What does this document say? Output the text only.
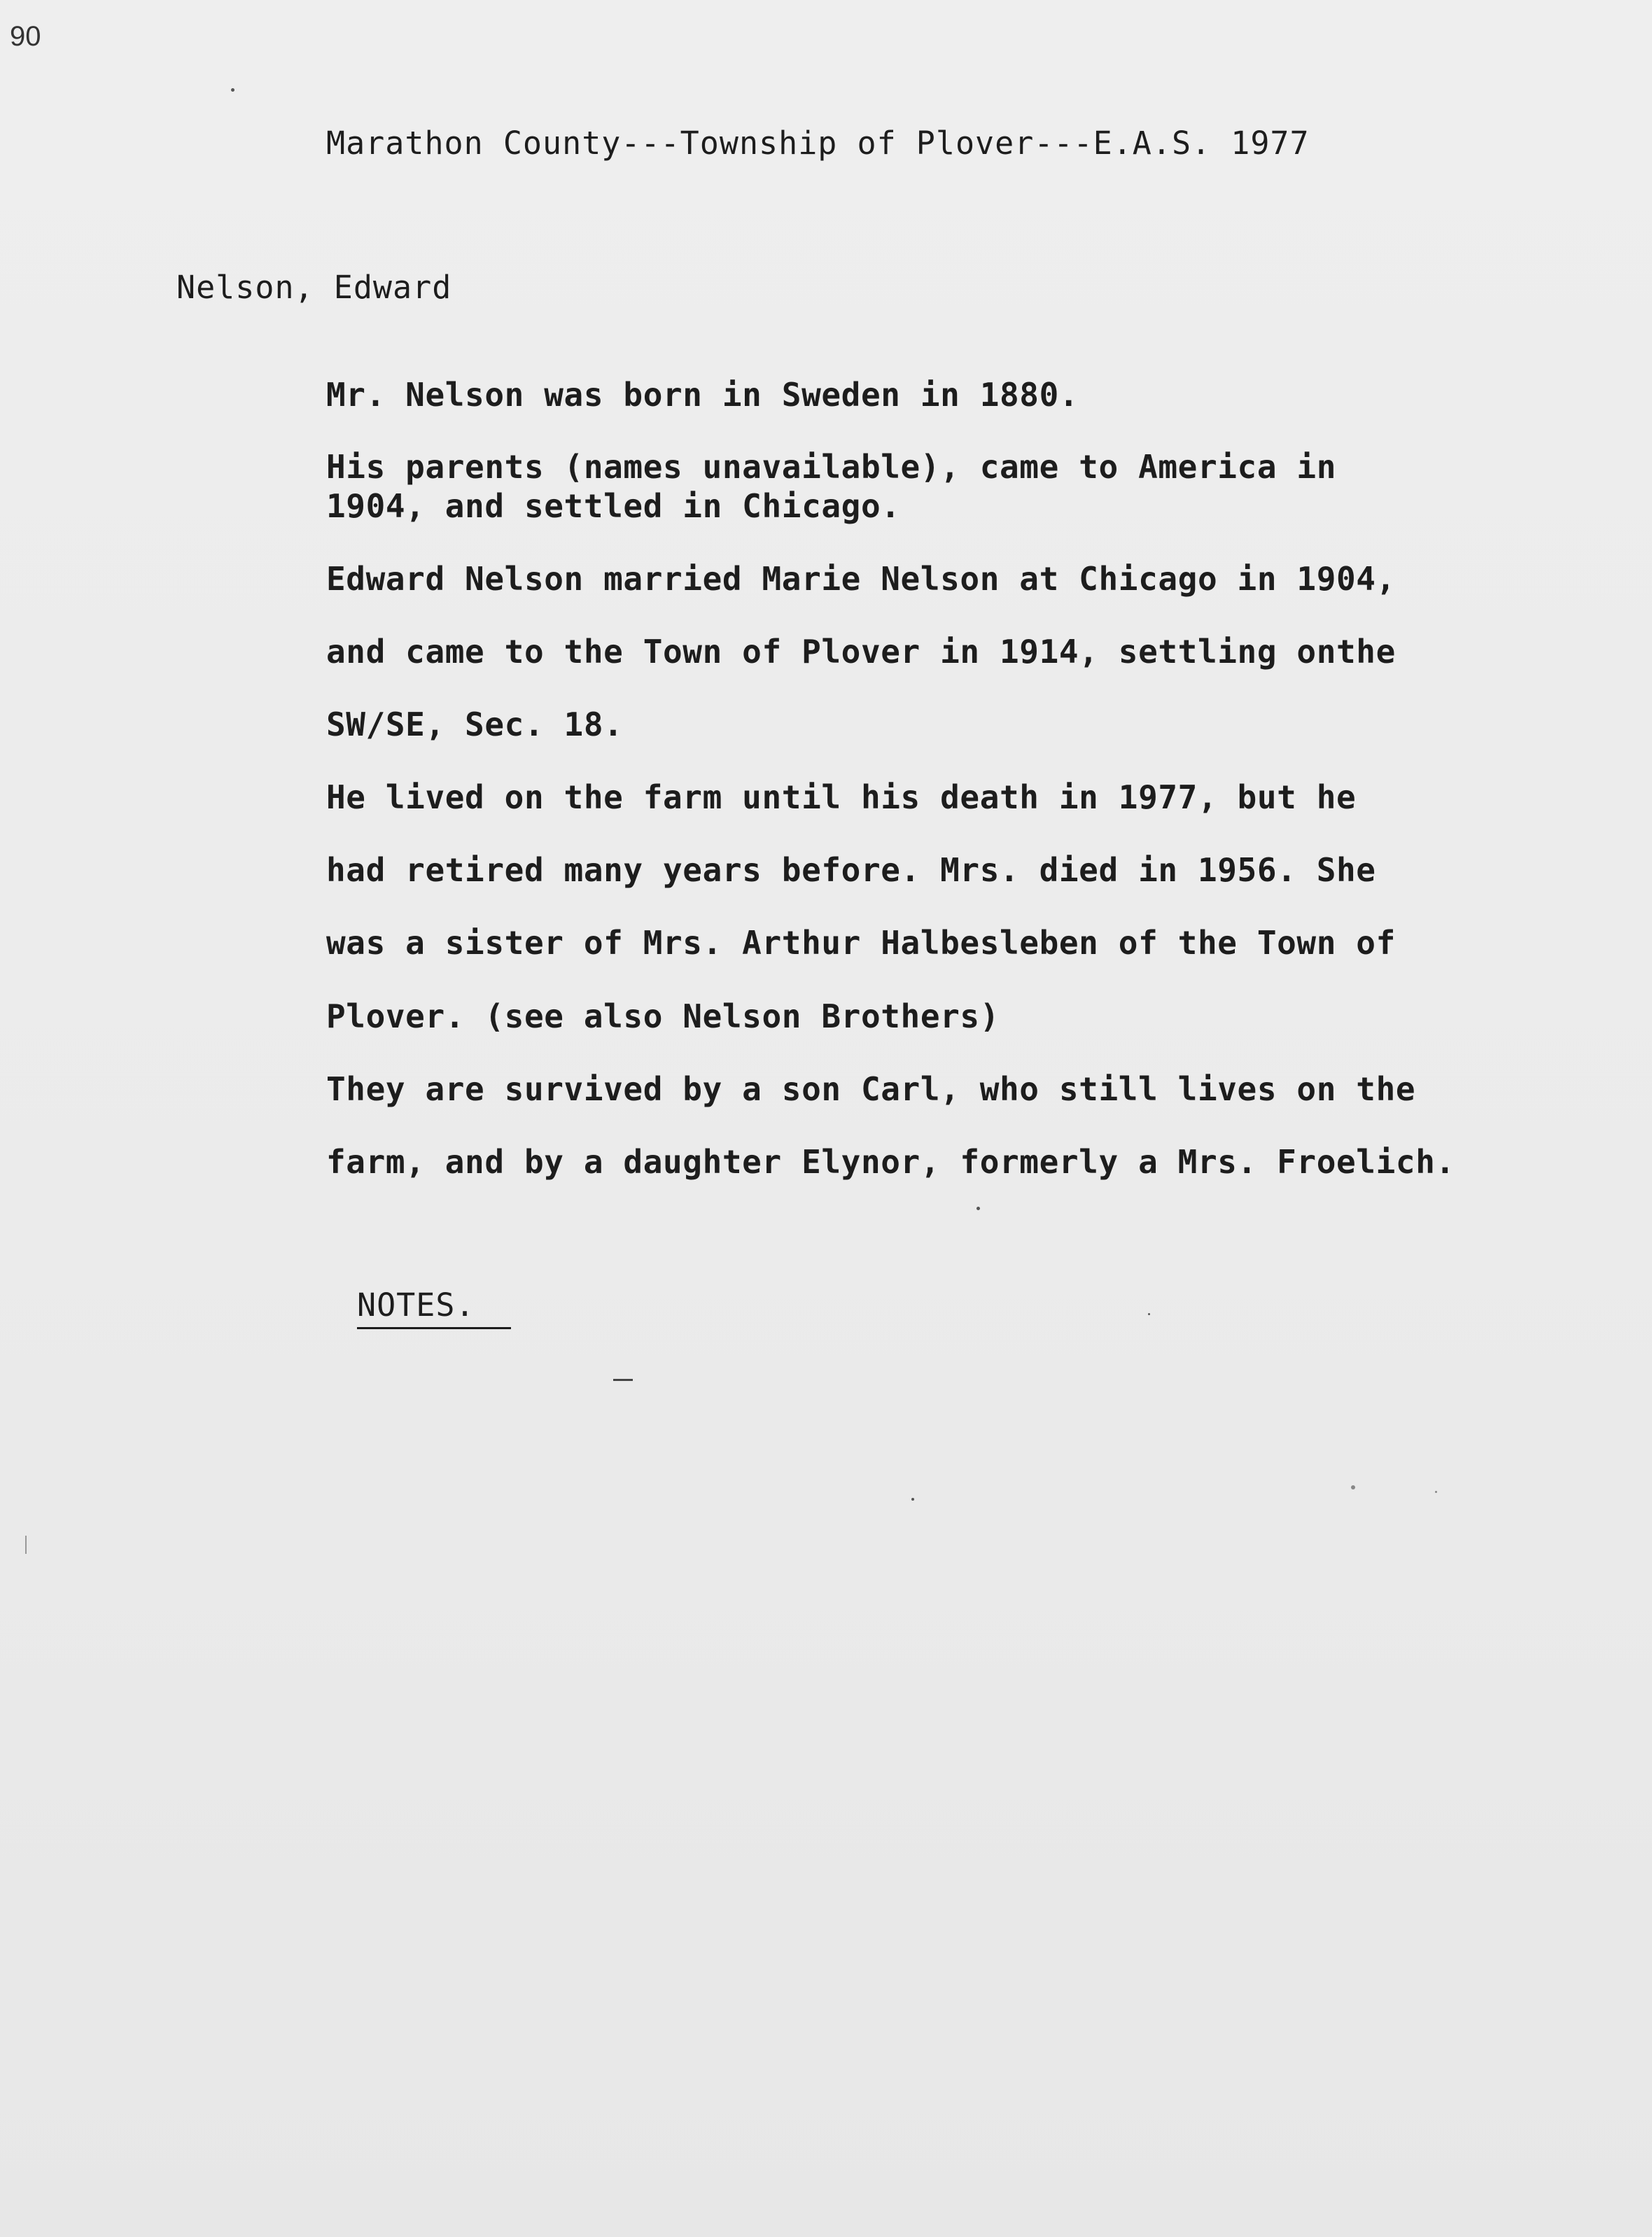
90
Marathon County---Township of Plover---E.A.S. 1977
Nelson, Edward
Mr. Nelson was born in Sweden in 1880.
His parents (names unavailable), came to America in
1904, and settled in Chicago.
Edward Nelson married Marie Nelson at Chicago in 1904,
and came to the Town of Plover in 1914, settling onthe
SW/SE, Sec. 18.
He lived on the farm until his death in 1977, but he
had retired many years before. Mrs. died in 1956. She
was a sister of Mrs. Arthur Halbesleben of the Town of
Plover. (see also Nelson Brothers)
They are survived by a son Carl, who still lives on the
farm, and by a daughter Elynor, formerly a Mrs. Froelich.
NOTES.
